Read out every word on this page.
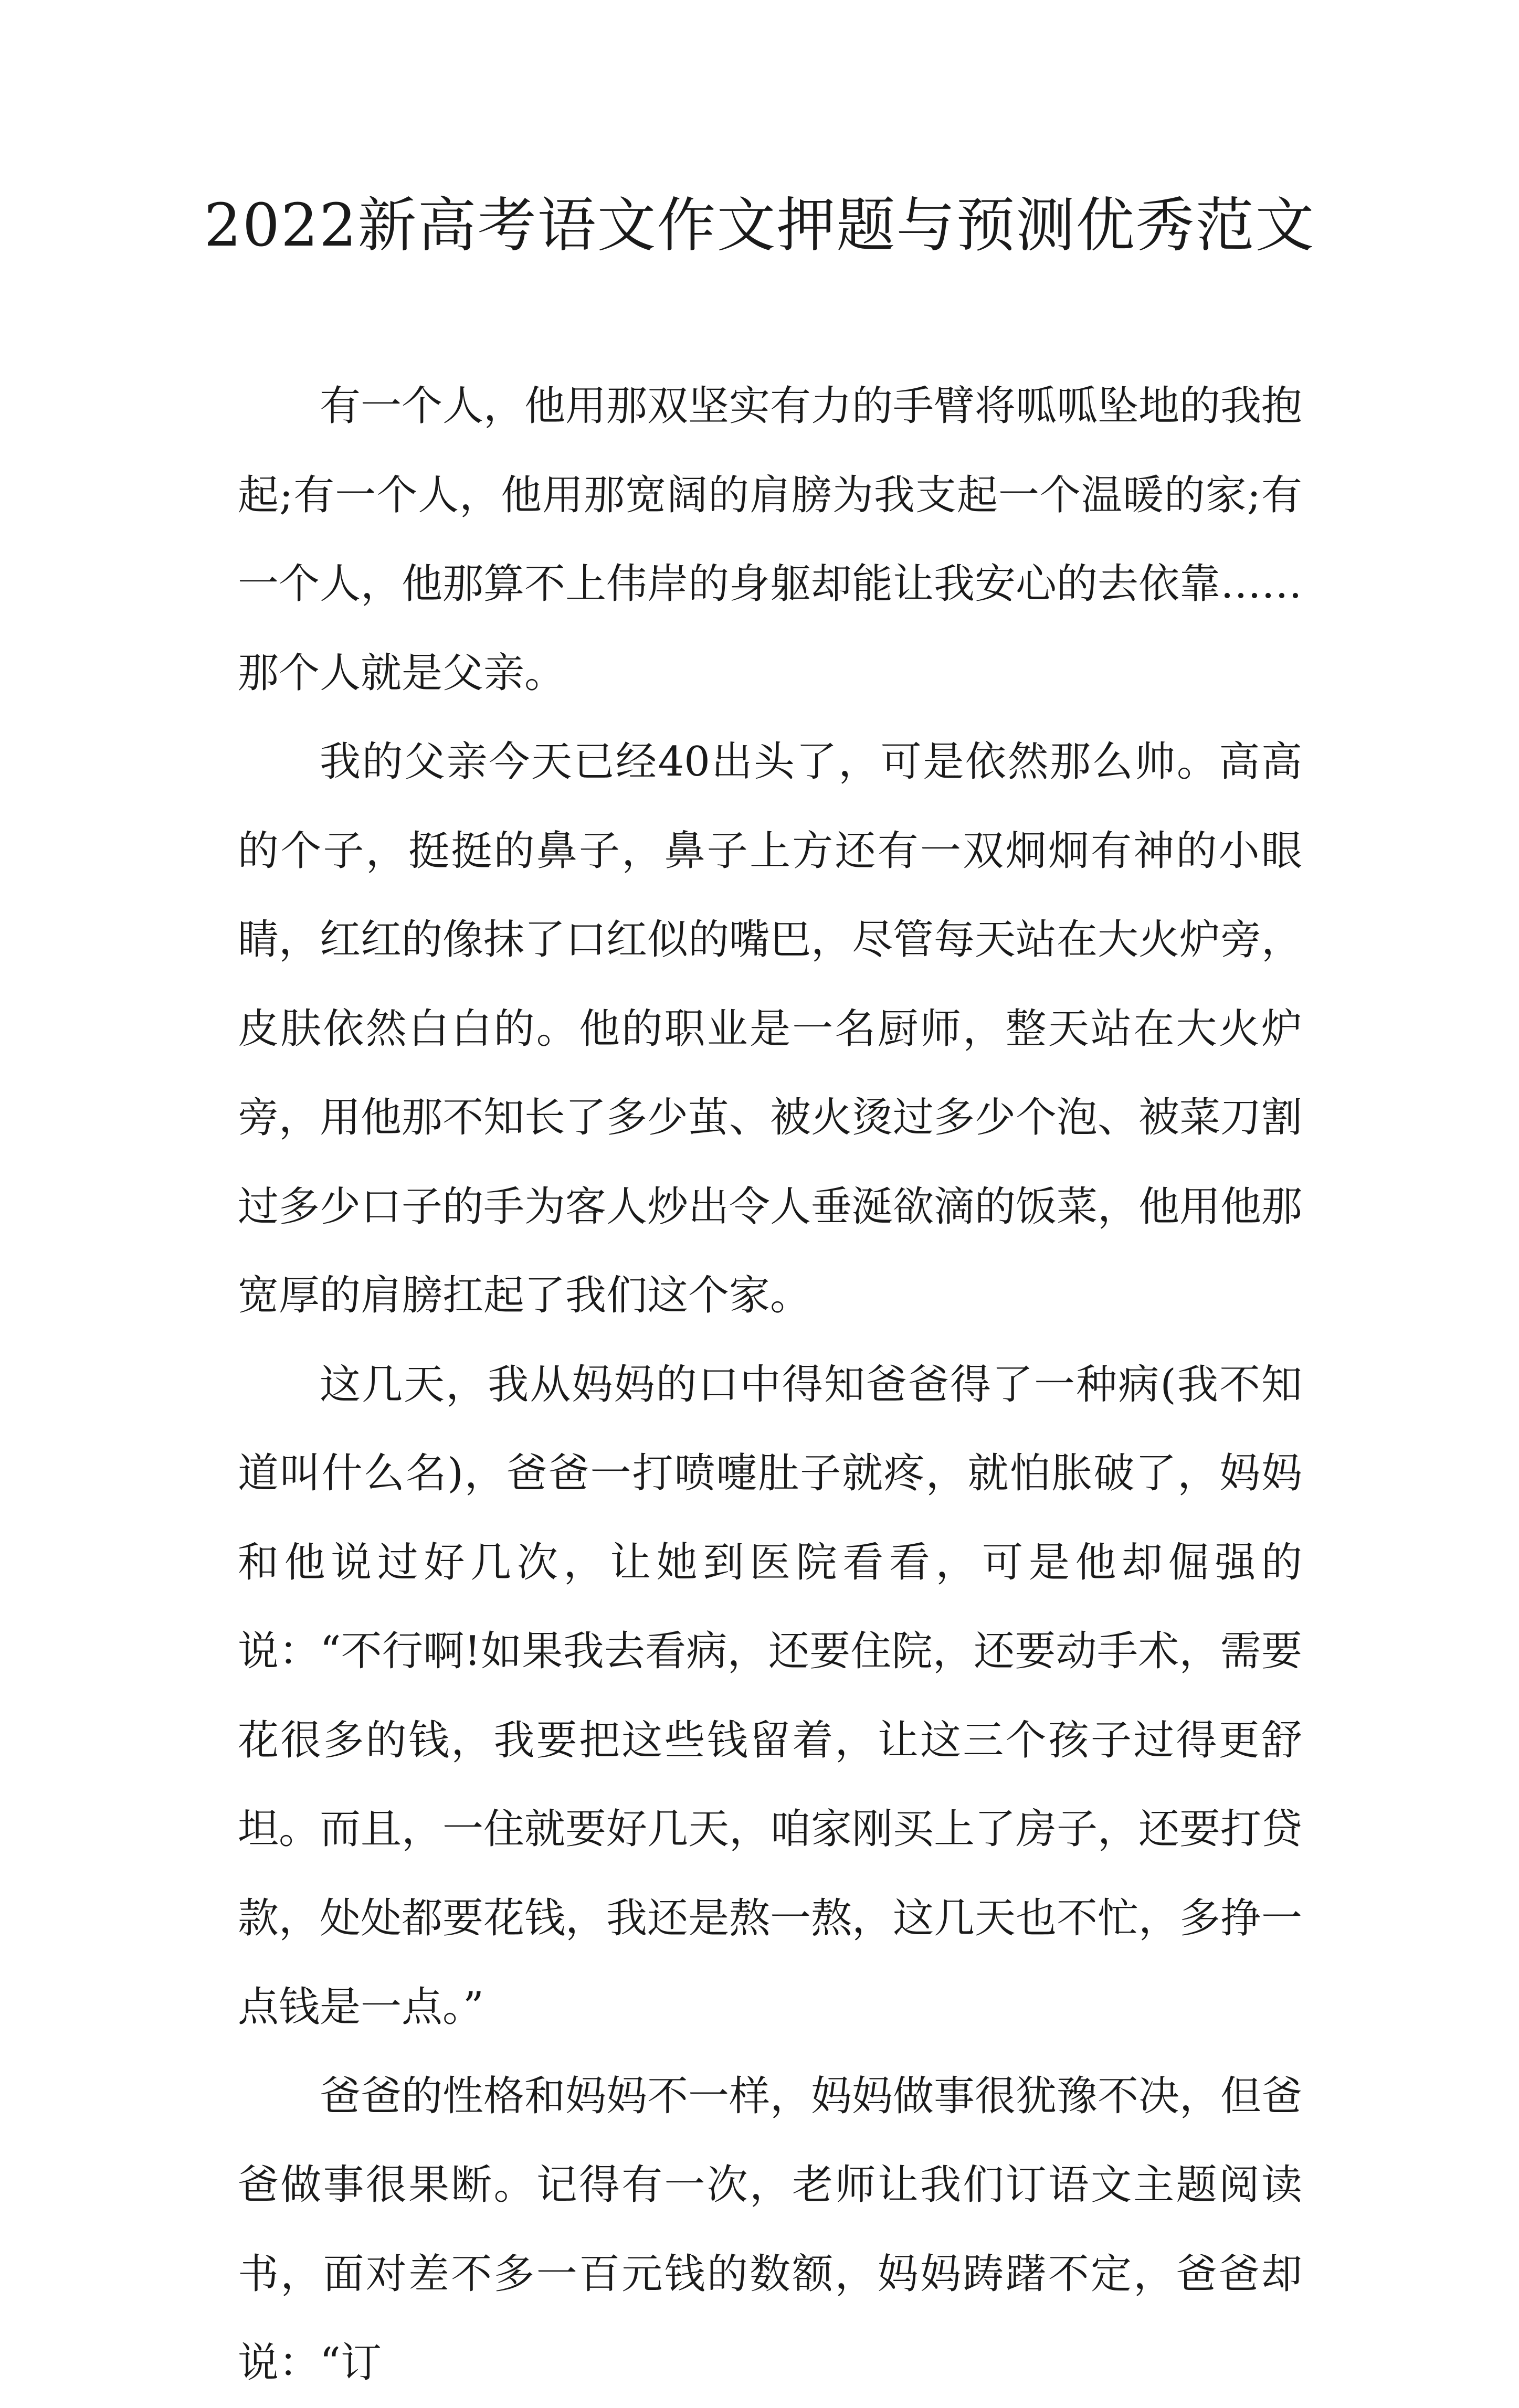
2022新高考语文作文押题与预测优秀范文

有一个人，他用那双坚实有力的手臂将呱呱坠地的我抱起;有一个人，他用那宽阔的肩膀为我支起一个温暖的家;有一个人，他那算不上伟岸的身躯却能让我安心的去依靠……那个人就是父亲。

我的父亲今天已经40出头了，可是依然那么帅。高高的个子，挺挺的鼻子，鼻子上方还有一双炯炯有神的小眼睛，红红的像抹了口红似的嘴巴，尽管每天站在大火炉旁，皮肤依然白白的。他的职业是一名厨师，整天站在大火炉旁，用他那不知长了多少茧、被火烫过多少个泡、被菜刀割过多少口子的手为客人炒出令人垂涎欲滴的饭菜，他用他那宽厚的肩膀扛起了我们这个家。

这几天，我从妈妈的口中得知爸爸得了一种病(我不知道叫什么名)，爸爸一打喷嚏肚子就疼，就怕胀破了，妈妈和他说过好几次，让她到医院看看，可是他却倔强的说：“不行啊!如果我去看病，还要住院，还要动手术，需要花很多的钱，我要把这些钱留着，让这三个孩子过得更舒坦。而且，一住就要好几天，咱家刚买上了房子，还要打贷款，处处都要花钱，我还是熬一熬，这几天也不忙，多挣一点钱是一点。”

爸爸的性格和妈妈不一样，妈妈做事很犹豫不决，但爸爸做事很果断。记得有一次，老师让我们订语文主题阅读书，面对差不多一百元钱的数额，妈妈踌躇不定，爸爸却说：“订
